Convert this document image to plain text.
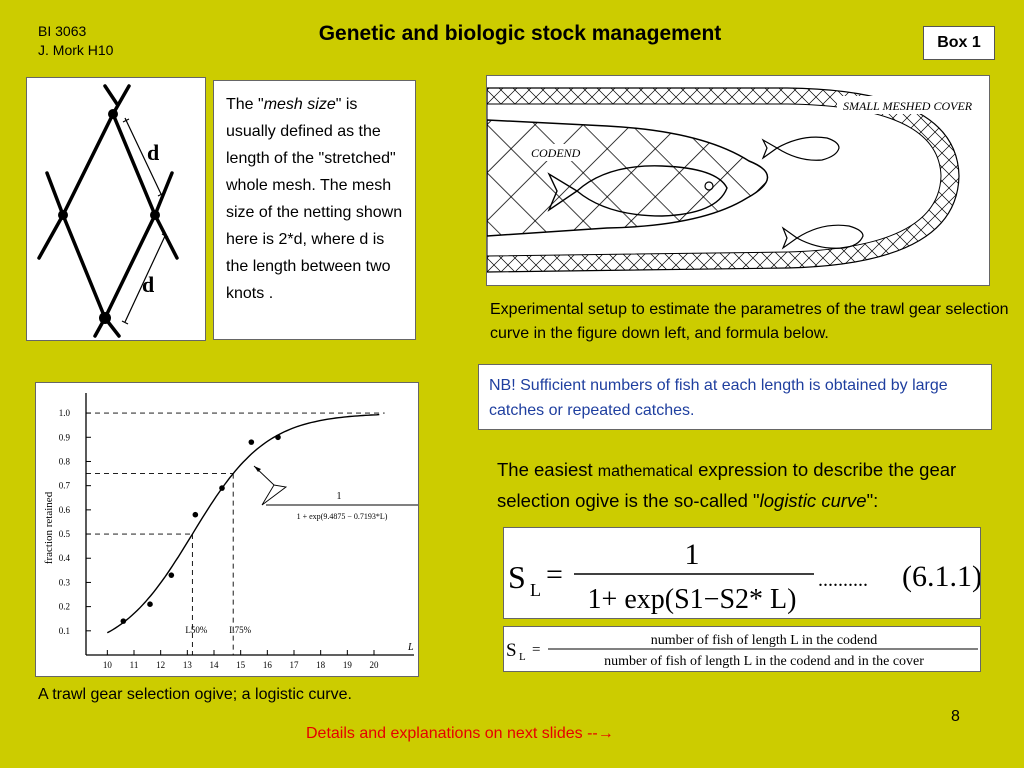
BI 3063
J. Mork H10
Genetic and biologic stock management	Box 1
d
d
The "mesh size" is usually defined as the length of the "stretched" whole mesh. The mesh size of the netting shown here is 2*d, where d is the length between two knots .
SMALL MESHED COVER
CODEND
Experimental setup to estimate the parametres of the trawl gear selection curve in the figure down left, and formula below.
NB! Sufficient numbers of fish at each length is obtained by large catches or repeated catches.
The easiest mathematical expression to describe the gear selection ogive is the so-called "logistic curve":
S L =
1
1+ exp(S1−S2* L)
.......... (6.1.1)
S L =
number of fish of length L in the codend
number of fish of length L in the codend and in the cover
10 11 12 13 14 15 16 17 18 19 20
0.1
0.2
0.3
0.4
0.5
0.6
0.7
0.8
0.9
1.0
fraction retained
L
L50% L75%
1
1 + exp(9.4875 − 0.7193*L)
A trawl gear selection ogive; a logistic curve.
8
Details and explanations on next slides --→
